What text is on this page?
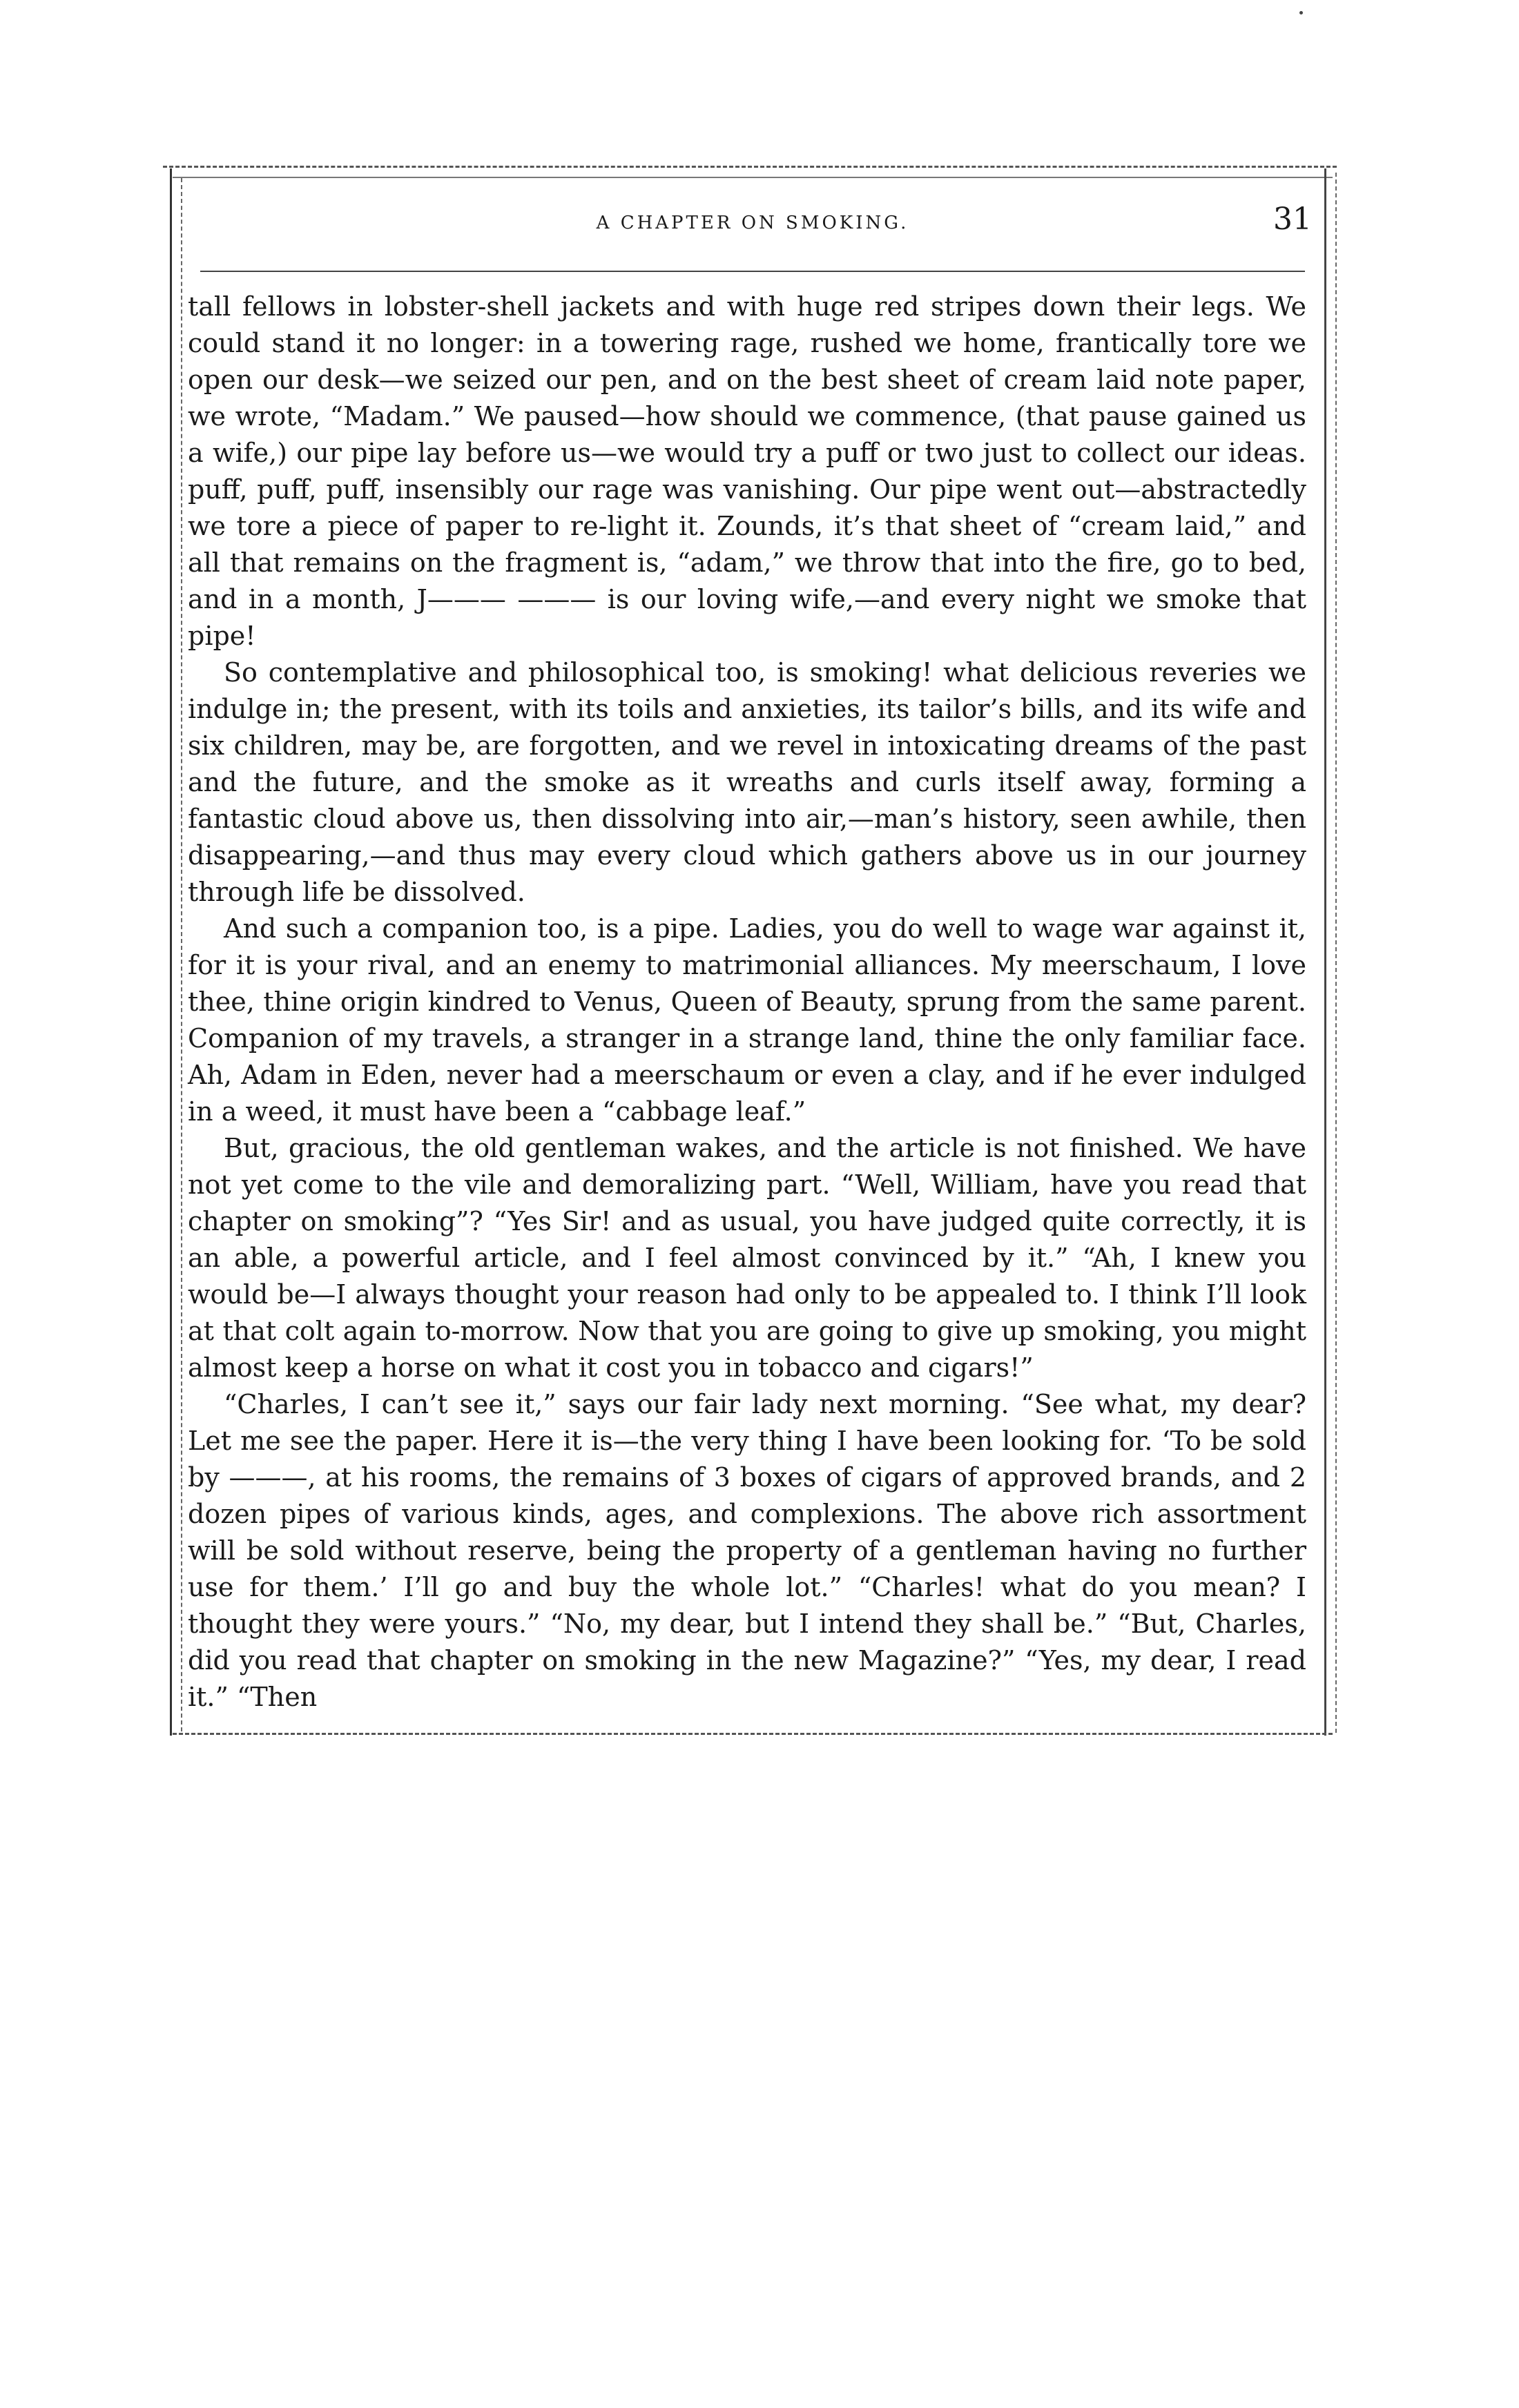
A CHAPTER ON SMOKING.	31

tall fellows in lobster-shell jackets and with huge red stripes down their legs. We could stand it no longer: in a towering rage, rushed we home, frantically tore we open our desk—we seized our pen, and on the best sheet of cream laid note paper, we wrote, “Madam.” We paused—how should we commence, (that pause gained us a wife,) our pipe lay before us—we would try a puff or two just to collect our ideas. puff, puff, puff, insensibly our rage was vanishing. Our pipe went out—abstractedly we tore a piece of paper to re-light it. Zounds, it’s that sheet of “cream laid,” and all that remains on the fragment is, “adam,” we throw that into the fire, go to bed, and in a month, J——— ——— is our loving wife,—and every night we smoke that pipe!

So contemplative and philosophical too, is smoking! what delicious reveries we indulge in; the present, with its toils and anxieties, its tailor’s bills, and its wife and six children, may be, are forgotten, and we revel in intoxicating dreams of the past and the future, and the smoke as it wreaths and curls itself away, forming a fantastic cloud above us, then dissolving into air,—man’s history, seen awhile, then disappearing,—and thus may every cloud which gathers above us in our journey through life be dissolved.

And such a companion too, is a pipe. Ladies, you do well to wage war against it, for it is your rival, and an enemy to matrimonial alliances. My meerschaum, I love thee, thine origin kindred to Venus, Queen of Beauty, sprung from the same parent. Companion of my travels, a stranger in a strange land, thine the only familiar face. Ah, Adam in Eden, never had a meerschaum or even a clay, and if he ever indulged in a weed, it must have been a “cabbage leaf.”

But, gracious, the old gentleman wakes, and the article is not finished. We have not yet come to the vile and demoralizing part. “Well, William, have you read that chapter on smoking”? “Yes Sir! and as usual, you have judged quite correctly, it is an able, a powerful article, and I feel almost convinced by it.” “Ah, I knew you would be—I always thought your reason had only to be appealed to. I think I’ll look at that colt again to-morrow. Now that you are going to give up smoking, you might almost keep a horse on what it cost you in tobacco and cigars!”

“Charles, I can’t see it,” says our fair lady next morning. “See what, my dear? Let me see the paper. Here it is—the very thing I have been looking for. ‘To be sold by ———, at his rooms, the remains of 3 boxes of cigars of approved brands, and 2 dozen pipes of various kinds, ages, and complexions. The above rich assortment will be sold without reserve, being the property of a gentleman having no further use for them.’ I’ll go and buy the whole lot.” “Charles! what do you mean? I thought they were yours.” “No, my dear, but I intend they shall be.” “But, Charles, did you read that chapter on smoking in the new Magazine?” “Yes, my dear, I read it.” “Then
